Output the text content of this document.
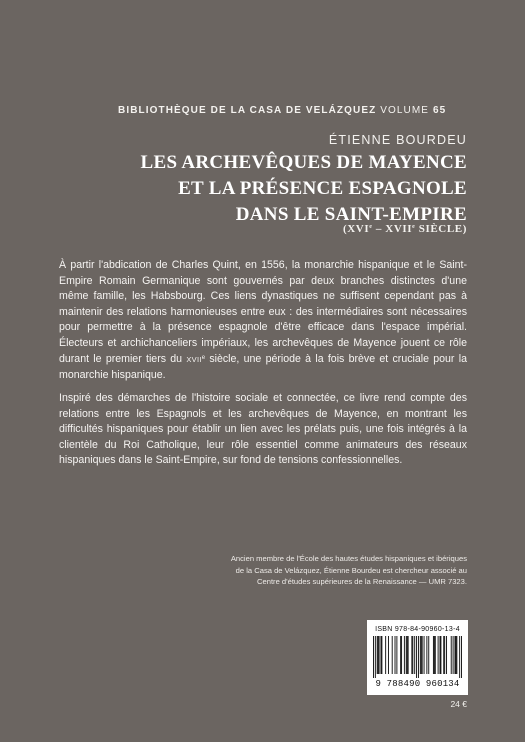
BIBLIOTHÈQUE DE LA CASA DE VELÁZQUEZ VOLUME 65
ÉTIENNE BOURDEU
LES ARCHEVÊQUES DE MAYENCE
ET LA PRÉSENCE ESPAGNOLE
DANS LE SAINT-EMPIRE
(XVIe – XVIIe SIÈCLE)

À partir l'abdication de Charles Quint, en 1556, la monarchie hispanique et le Saint-Empire Romain Germanique sont gouvernés par deux branches distinctes d'une même famille, les Habsbourg. Ces liens dynastiques ne suffisent cependant pas à maintenir des relations harmonieuses entre eux : des intermédiaires sont nécessaires pour permettre à la présence espagnole d'être efficace dans l'espace impérial. Électeurs et archichanceliers impériaux, les archevêques de Mayence jouent ce rôle durant le premier tiers du XVIIe siècle, une période à la fois brève et cruciale pour la monarchie hispanique.

Inspiré des démarches de l'histoire sociale et connectée, ce livre rend compte des relations entre les Espagnols et les archevêques de Mayence, en montrant les difficultés hispaniques pour établir un lien avec les prélats puis, une fois intégrés à la clientèle du Roi Catholique, leur rôle essentiel comme animateurs des réseaux hispaniques dans le Saint-Empire, sur fond de tensions confessionnelles.

Ancien membre de l'École des hautes études hispaniques et ibériques
de la Casa de Velázquez, Étienne Bourdeu est chercheur associé au
Centre d'études supérieures de la Renaissance — UMR 7323.
ISBN 978-84-90960-13-4
9 788490 960134
24 €
